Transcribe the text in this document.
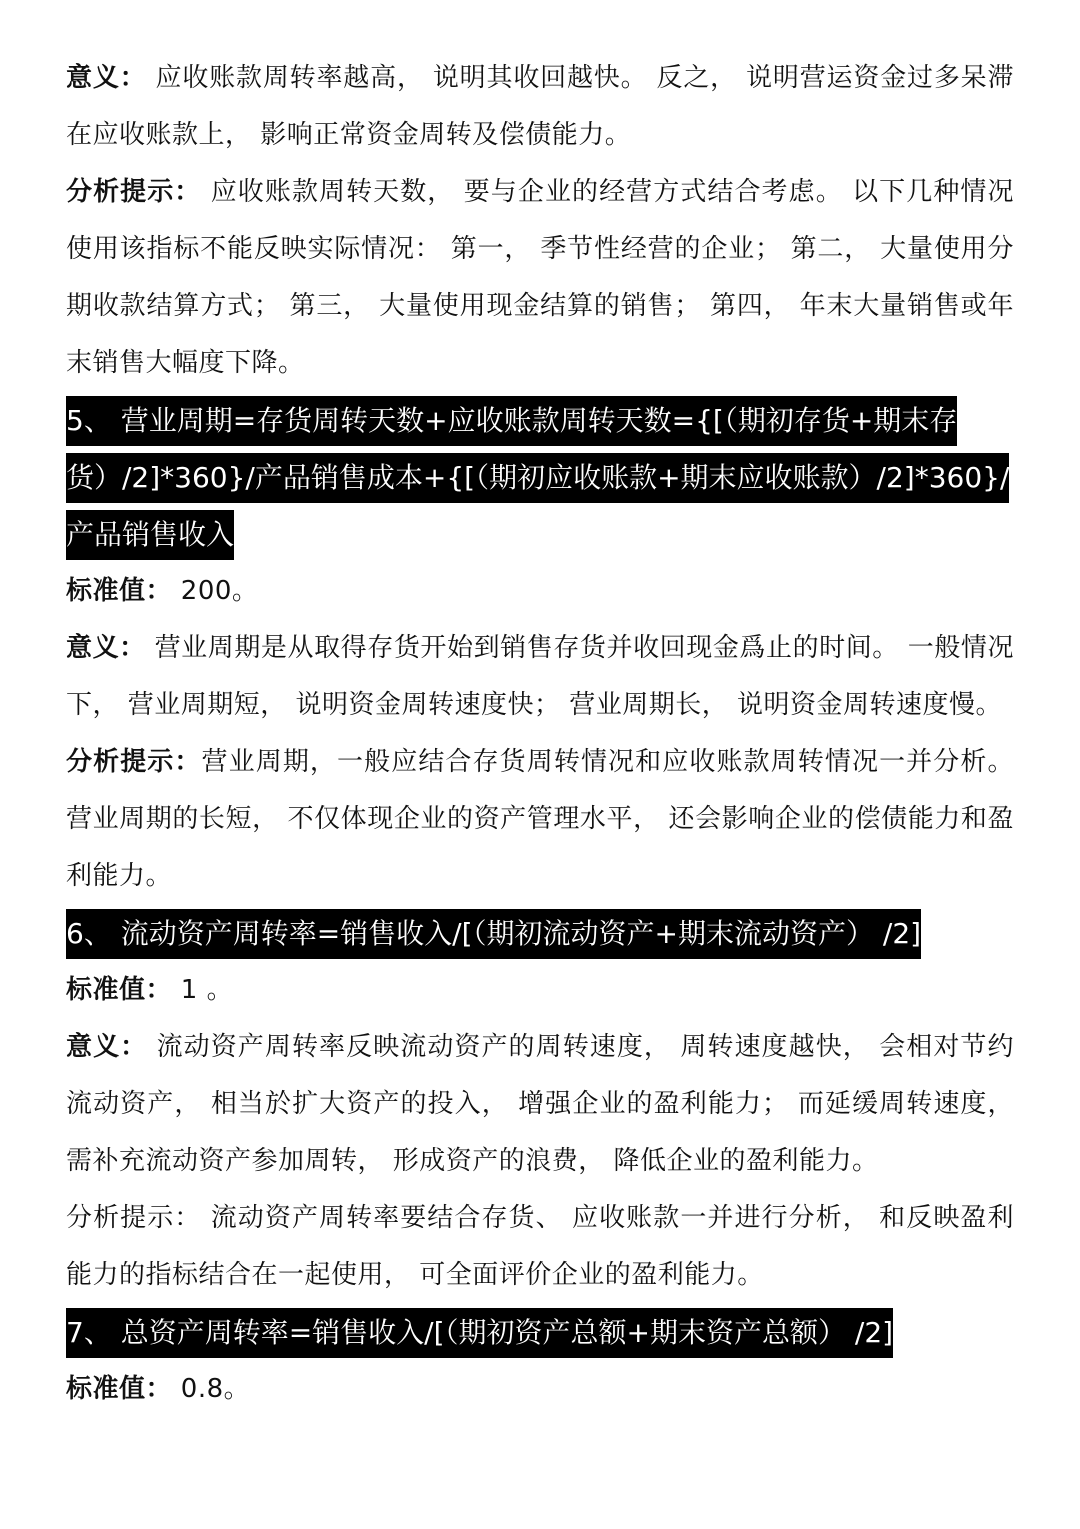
意义： 应收账款周转率越高， 说明其收回越快。 反之， 说明营运资金过多呆滞在应收账款上， 影响正常资金周转及偿债能力。

分析提示： 应收账款周转天数， 要与企业的经营方式结合考虑。 以下几种情况使用该指标不能反映实际情况： 第一， 季节性经营的企业； 第二， 大量使用分期收款结算方式； 第三， 大量使用现金结算的销售； 第四， 年末大量销售或年末销售大幅度下降。

5、 营业周期=存货周转天数+应收账款周转天数={[（期初存货+期末存货）/2]*360}/产品销售成本+{[（期初应收账款+期末应收账款）/2]*360}/产品销售收入

标准值： 200。

意义： 营业周期是从取得存货开始到销售存货并收回现金爲止的时间。 一般情况下， 营业周期短， 说明资金周转速度快； 营业周期长， 说明资金周转速度慢。

分析提示：营业周期，一般应结合存货周转情况和应收账款周转情况一并分析。营业周期的长短， 不仅体现企业的资产管理水平， 还会影响企业的偿债能力和盈利能力。

6、 流动资产周转率=销售收入/[（期初流动资产+期末流动资产） /2]

标准值： 1 。

意义： 流动资产周转率反映流动资产的周转速度， 周转速度越快， 会相对节约流动资产， 相当於扩大资产的投入， 增强企业的盈利能力； 而延缓周转速度， 需补充流动资产参加周转， 形成资产的浪费， 降低企业的盈利能力。

分析提示： 流动资产周转率要结合存货、 应收账款一并进行分析， 和反映盈利能力的指标结合在一起使用， 可全面评价企业的盈利能力。

7、 总资产周转率=销售收入/[（期初资产总额+期末资产总额） /2]

标准值： 0.8。
